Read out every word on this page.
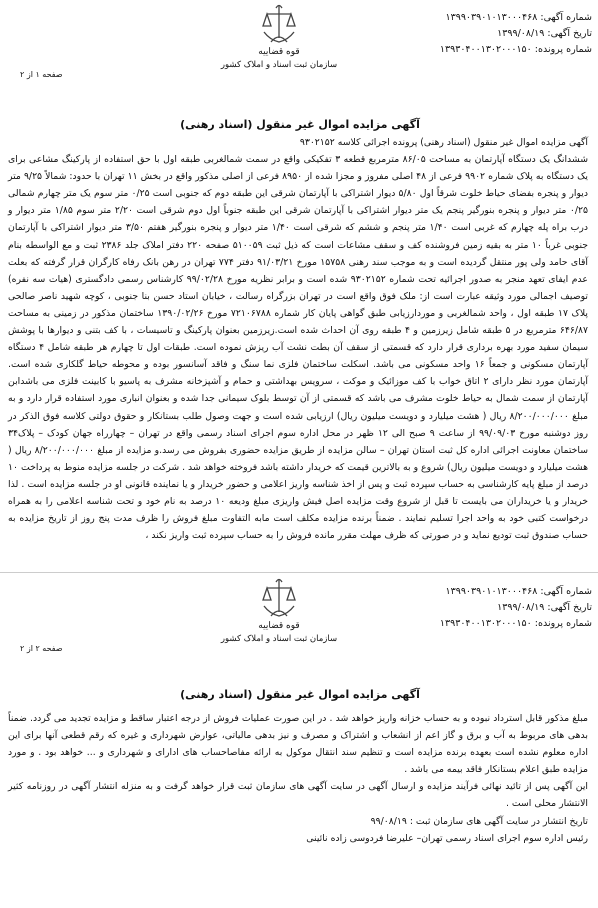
شماره آگهی: ۱۳۹۹۰۳۹۰۱۰۱۳۰۰۰۴۶۸
تاریخ آگهی: ۱۳۹۹/۰۸/۱۹
شماره پرونده: ۱۳۹۳۰۴۰۰۱۳۰۲۰۰۰۱۵۰
قوه قضاییه
سازمان ثبت اسناد و املاک کشور
صفحه ۱ از ۲
آگهی مزایده اموال غیر منقول (اسناد رهنی)

آگهی مزایده اموال غیر منقول (اسناد رهنی) پرونده اجرائی کلاسه ۹۳۰۲۱۵۲

ششدانگ یک دستگاه آپارتمان به مساحت ۸۶/۰۵ مترمربع قطعه ۳ تفکیکی واقع در سمت شمالغربی طبقه اول با حق استفاده از پارکینگ مشاعی برای یک دستگاه به پلاک شماره ۹۹۰۲ فرعی از ۴۸ اصلی مفروز و مجزا شده از ۸۹۵۰ فرعی از اصلی مذکور واقع در بخش ۱۱ تهران با حدود: شمالاً ۹/۲۵ متر دیوار و پنجره بفضای حیاط خلوت شرقاً اول ۵/۸۰ دیوار اشتراکی با آپارتمان شرقی این طبقه دوم که جنوبی است ۰/۲۵ متر سوم یک متر چهارم شمالی ۰/۲۵ متر دیوار و پنجره بنورگیر پنجم یک متر دیوار اشتراکی با آپارتمان شرقی این طبقه جنوباً اول دوم شرقی است ۲/۲۰ متر سوم ۱/۸۵ متر دیوار و درب براه پله چهارم که غربی است ۱/۴۰ متر پنجم و ششم که شرقی است ۱/۴۰ متر دیوار و پنجره بنورگیر هفتم ۳/۵۰ متر دیوار اشتراکی با آپارتمان جنوبی غرباً ۱۰ متر به بقیه زمین فروشنده کف و سقف مشاعات است که ذیل ثبت ۵۱۰۰۵۹ صفحه ۲۲۰ دفتر املاک جلد ۲۳۸۶ ثبت و مع الواسطه بنام آقای حامد ولی پور منتقل گردیده است و به موجب سند رهنی ۱۵۷۵۸ مورخ ۹۱/۰۳/۲۱ دفتر ۷۷۴ تهران در رهن بانک رفاه کارگران قرار گرفته که بعلت عدم ایفای تعهد منجر به صدور اجرائیه تحت شماره ۹۳۰۲۱۵۲ شده است و برابر نظریه مورخ ۹۹/۰۲/۲۸ کارشناس رسمی دادگستری (هیات سه نفره) توصیف اجمالی مورد وثیقه عبارت است از: ملک فوق واقع است در تهران بزرگراه رسالت ، خیابان استاد حسن بنا جنوبی ، کوچه شهید ناصر صالحی پلاک ۱۷ طبقه اول ، واحد شمالغربی و موردارزیابی طبق گواهی پایان کار شماره ۷۲۱۰۶۷۸۸ مورخ ۱۳۹۰/۰۲/۲۶ ساختمان مذکور در زمینی به مساحت ۶۴۶/۸۷ مترمربع در ۵ طبقه شامل زیرزمین و ۴ طبقه روی آن احداث شده است.زیرزمین بعنوان پارکینگ و تاسیسات ، با کف بتنی و دیوارها با پوشش سیمان سفید مورد بهره برداری قرار دارد که قسمتی از سقف آن بطت نشت آب ریزش نموده است. طبقات اول تا چهارم هر طبقه شامل ۴ دستگاه آپارتمان مسکونی و جمعاً ۱۶ واحد مسکونی می باشد. اسکلت ساختمان فلزی نما سنگ و فاقد آسانسور بوده و محوطه حیاط گلکاری شده است. آپارتمان مورد نظر دارای ۲ اتاق خواب با کف موزائیک و موکت ، سرویس بهداشتی و حمام و آشپزخانه مشرف به پاسیو با کابینت فلزی می باشدابن آپارتمان از سمت شمال به حیاط خلوت مشرف می باشد که قسمتی از آن توسط بلوک سیمانی جدا شده و بعنوان انباری مورد استفاده قرار دارد و به مبلغ ۸/۲۰۰/۰۰۰/۰۰۰ ریال ( هشت میلیارد و دویست میلیون ریال) ارزیابی شده است و جهت وصول طلب بستانکار و حقوق دولتی کلاسه فوق الذکر در روز دوشنبه مورخ ۹۹/۰۹/۰۳ از ساعت ۹ صبح الی ۱۲ ظهر در محل اداره سوم اجرای اسناد رسمی واقع در تهران – چهارراه جهان کودک – پلاک۳۴ ساختمان معاونت اجرائی اداره کل ثبت استان تهران – سالن مزایده از طریق مزایده حضوری بفروش می رسد.و مزایده از مبلغ ۸/۲۰۰/۰۰۰/۰۰۰ ریال ( هشت میلیارد و دویست میلیون ریال) شروع و به بالاترین قیمت که خریدار داشته باشد فروخته خواهد شد . شرکت در جلسه مزایده منوط به پرداخت ۱۰ درصد از مبلغ پایه کارشناسی به حساب سپرده ثبت و پس از اخذ شناسه واریز اعلامی و حضور خریدار و یا نماینده قانونی او در جلسه مزایده است . لذا خریدار و یا خریداران می بایست تا قبل از شروع وقت مزایده اصل فیش واریزی مبلغ ودیعه ۱۰ درصد به نام خود و تحت شناسه اعلامی را به همراه درخواست کتبی خود به واحد اجرا تسلیم نمایند . ضمناً برنده مزایده مکلف است مابه التفاوت مبلغ فروش را ظرف مدت پنج روز از تاریخ مزایده به حساب صندوق ثبت تودیع نماید و در صورتی که ظرف مهلت مقرر مانده فروش را به حساب سپرده ثبت واریز نکند ،

شماره آگهی: ۱۳۹۹۰۳۹۰۱۰۱۳۰۰۰۴۶۸
تاریخ آگهی: ۱۳۹۹/۰۸/۱۹
شماره پرونده: ۱۳۹۳۰۴۰۰۱۳۰۲۰۰۰۱۵۰
قوه قضاییه
سازمان ثبت اسناد و املاک کشور
صفحه ۲ از ۲
آگهی مزایده اموال غیر منقول (اسناد رهنی)

مبلغ مذکور قابل استرداد نبوده و به حساب خزانه واریز خواهد شد . در این صورت عملیات فروش از درجه اعتبار ساقط و مزایده تجدید می گردد. ضمناً بدهی های مربوط به آب و برق و گاز اعم از انشعاب و اشتراک و مصرف و نیز بدهی مالیاتی، عوارض شهرداری و غیره که رقم قطعی آنها برای این اداره معلوم نشده است بعهده برنده مزایده است و تنظیم سند انتقال موکول به ارائه مفاصاحساب های ادارای و شهرداری و ... خواهد بود . و مورد مزایده طبق اعلام بستانکار فاقد بیمه می باشد .

این آگهی پس از تائید نهائی فرآیند مزایده و ارسال آگهی در سایت آگهی های سازمان ثبت قرار خواهد گرفت و به منزله انتشار آگهی در روزنامه کثیر الانتشار محلی است .

تاریخ انتشار در سایت آگهی های سازمان ثبت : ۹۹/۰۸/۱۹

رئیس اداره سوم اجرای اسناد رسمی تهران– علیرضا فردوسی زاده نائینی
